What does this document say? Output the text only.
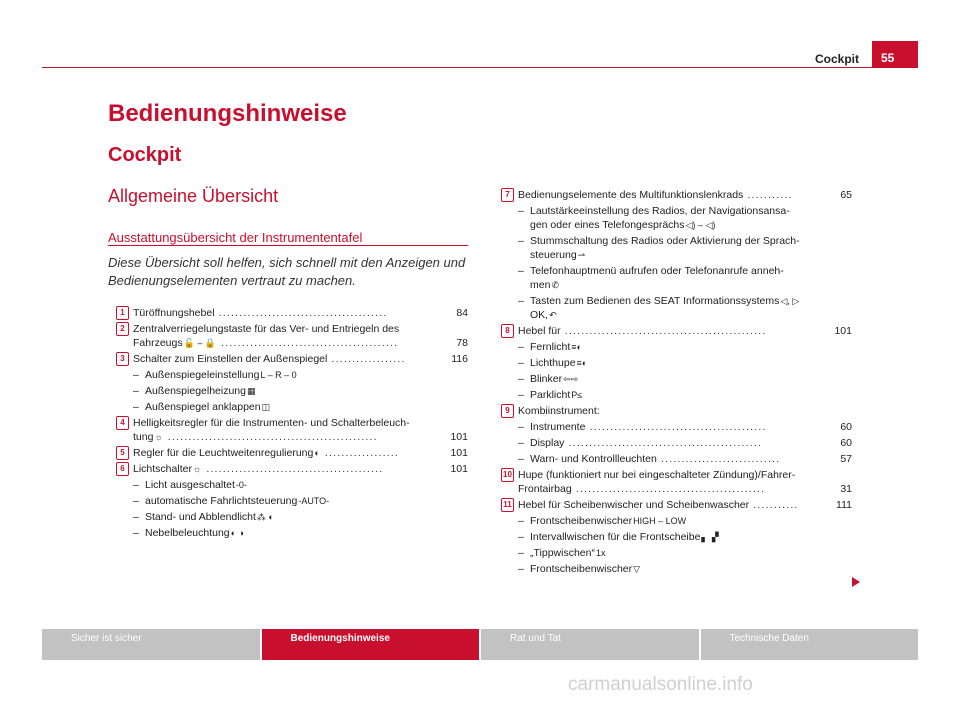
Cockpit	55
Bedienungshinweise
Cockpit
Allgemeine Übersicht
Ausstattungsübersicht der Instrumententafel
Diese Übersicht soll helfen, sich schnell mit den Anzeigen und Bedienungselementen vertraut zu machen.
1 Türöffnungshebel .........................................	84
2 Zentralverriegelungstaste für das Ver- und Entriegeln des
Fahrzeugs🔓 – 🔒 ...........................................	78
3 Schalter zum Einstellen der Außenspiegel ..................	116
– AußenspiegeleinstellungL – R – 0
– Außenspiegelheizung▦
– Außenspiegel anklappen◫
4 Helligkeitsregler für die Instrumenten- und Schalterbeleuch-
tung☼ ...................................................	101
5 Regler für die Leuchtweitenregulierung◐ ..................	101
6 Lichtschalter☼ ...........................................	101
– Licht ausgeschaltet-0-
– automatische Fahrlichtsteuerung-AUTO-
– Stand- und Abblendlicht⁂ ◐
– Nebelbeleuchtung◐ ◑
7 Bedienungselemente des Multifunktionslenkrads ...........	65
– Lautstärkeeinstellung des Radios, der Navigationsansa-
gen oder eines Telefongesprächs◁) – ◁)
– Stummschaltung des Radios oder Aktivierung der Sprach-
steuerung⇀
– Telefonhauptmenü aufrufen oder Telefonanrufe anneh-
men✆
– Tasten zum Bedienen des SEAT Informationssystems◁, ▷
OK,↶
8 Hebel für .................................................	101
– Fernlicht≡◐
– Lichthupe≡◐
– Blinker⇦⇨
– ParklichtP≤
9 Kombiinstrument:
– Instrumente ...........................................	60
– Display ...............................................	60
– Warn- und Kontrollleuchten .............................	57
10 Hupe (funktioniert nur bei eingeschalteter Zündung)/Fahrer-
Frontairbag ..............................................	31
11 Hebel für Scheibenwischer und Scheibenwascher ...........	111
– FrontscheibenwischerHIGH – LOW
– Intervallwischen für die Frontscheibe▖▗▘
– „Tippwischen“1x
– Frontscheibenwischer▽
Sicher ist sicher	Bedienungshinweise	Rat und Tat	Technische Daten
carmanualsonline.info
